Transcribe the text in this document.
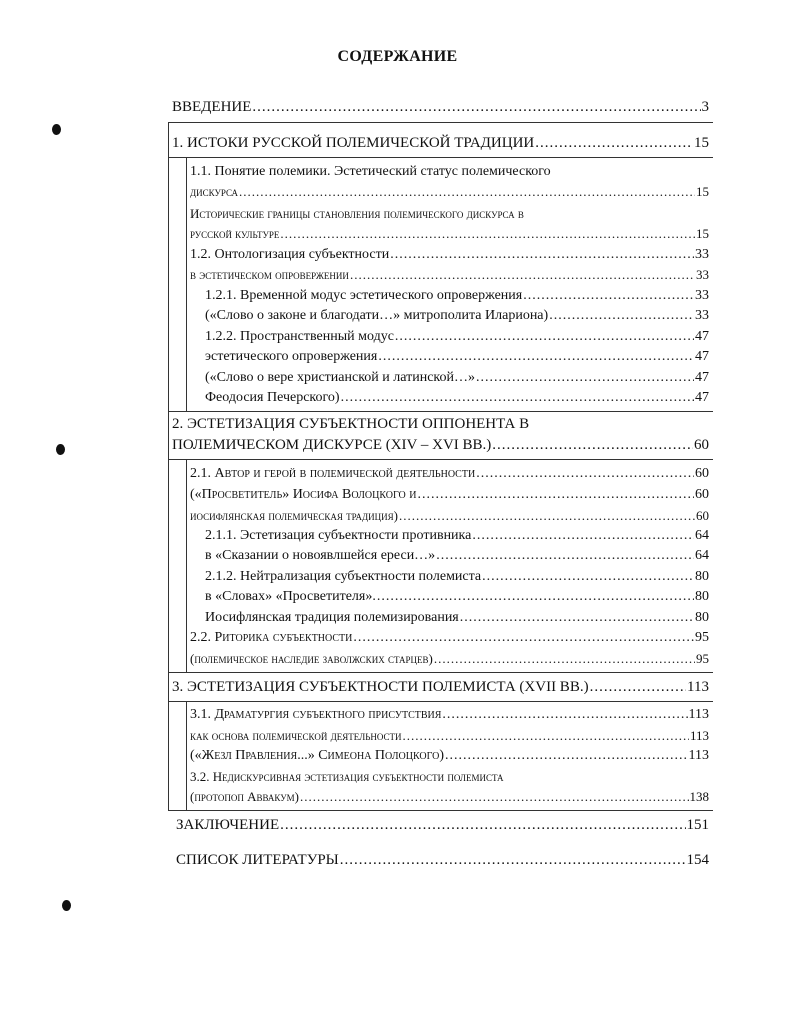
СОДЕРЖАНИЕ
ВВЕДЕНИЕ .....	3
1. ИСТОКИ РУССКОЙ ПОЛЕМИЧЕСКОЙ ТРАДИЦИИ .....	15
1.1. Понятие полемики. Эстетический статус полемического
дискурса .....	15
Исторические границы становления полемического дискурса в
русской культуре .....	15
1.2. Онтологизация субъектности .....	33
в эстетическом опровержении .....	33
1.2.1. Временной модус эстетического опровержения .....	33
(«Слово о законе и благодати…» митрополита Илариона) .....	33
1.2.2. Пространственный модус .....	47
эстетического опровержения .....	47
(«Слово о вере христианской и латинской…» .....	47
Феодосия Печерского) .....	47
2. ЭСТЕТИЗАЦИЯ СУБЪЕКТНОСТИ ОППОНЕНТА В
ПОЛЕМИЧЕСКОМ ДИСКУРСЕ (XIV – XVI ВВ.) .....	60
2.1. Автор и герой в полемической деятельности .....	60
(«Просветитель» Иосифа Волоцкого и .....	60
иосифлянская полемическая традиция) .....	60
2.1.1. Эстетизация субъектности противника .....	64
в «Сказании о новоявлшейся ереси…» .....	64
2.1.2. Нейтрализация субъектности полемиста .....	80
в «Словах» «Просветителя». .....	80
Иосифлянская традиция полемизирования .....	80
2.2. Риторика субъектности .....	95
(полемическое наследие заволжских старцев) .....	95
3. ЭСТЕТИЗАЦИЯ СУБЪЕКТНОСТИ ПОЛЕМИСТА (XVII ВВ.) .....	113
3.1. Драматургия субъектного присутствия .....	113
как основа полемической деятельности .....	113
(«Жезл Правления...» Симеона Полоцкого) .....	113
3.2. Недискурсивная эстетизация субъектности полемиста
(протопоп Аввакум) .....	138
ЗАКЛЮЧЕНИЕ .....	151
СПИСОК ЛИТЕРАТУРЫ .....	154
